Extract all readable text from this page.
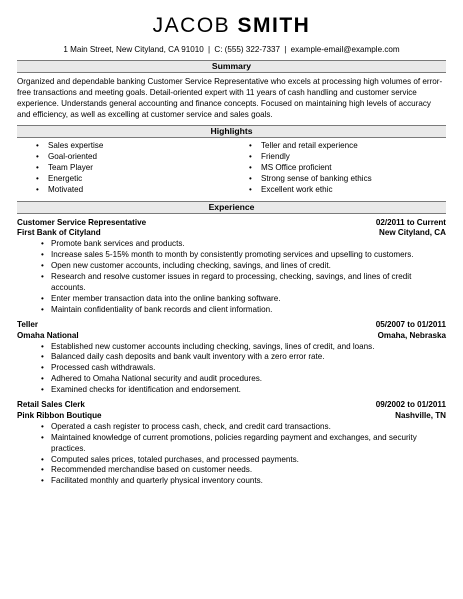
JACOB SMITH
1 Main Street, New Cityland, CA 91010 | C: (555) 322-7337 | example-email@example.com
Summary
Organized and dependable banking Customer Service Representative who excels at processing high volumes of error-free transactions and meeting goals. Detail-oriented expert with 11 years of cash handling and customer service experience. Understands general accounting and finance concepts. Focused on maintaining high levels of accuracy and efficiency, as well as excelling at customer service and sales goals.
Highlights
• Sales expertise
• Goal-oriented
• Team Player
• Energetic
• Motivated
• Teller and retail experience
• Friendly
• MS Office proficient
• Strong sense of banking ethics
• Excellent work ethic
Experience
Customer Service Representative	02/2011 to Current
First Bank of Cityland	New Cityland, CA
• Promote bank services and products.
• Increase sales 5-15% month to month by consistently promoting services and upselling to customers.
• Open new customer accounts, including checking, savings, and lines of credit.
• Research and resolve customer issues in regard to processing, checking, savings, and lines of credit accounts.
• Enter member transaction data into the online banking software.
• Maintain confidentiality of bank records and client information.
Teller	05/2007 to 01/2011
Omaha National	Omaha, Nebraska
• Established new customer accounts including checking, savings, lines of credit, and loans.
• Balanced daily cash deposits and bank vault inventory with a zero error rate.
• Processed cash withdrawals.
• Adhered to Omaha National security and audit procedures.
• Examined checks for identification and endorsement.
Retail Sales Clerk	09/2002 to 01/2011
Pink Ribbon Boutique	Nashville, TN
• Operated a cash register to process cash, check, and credit card transactions.
• Maintained knowledge of current promotions, policies regarding payment and exchanges, and security practices.
• Computed sales prices, totaled purchases, and processed payments.
• Recommended merchandise based on customer needs.
• Facilitated monthly and quarterly physical inventory counts.
